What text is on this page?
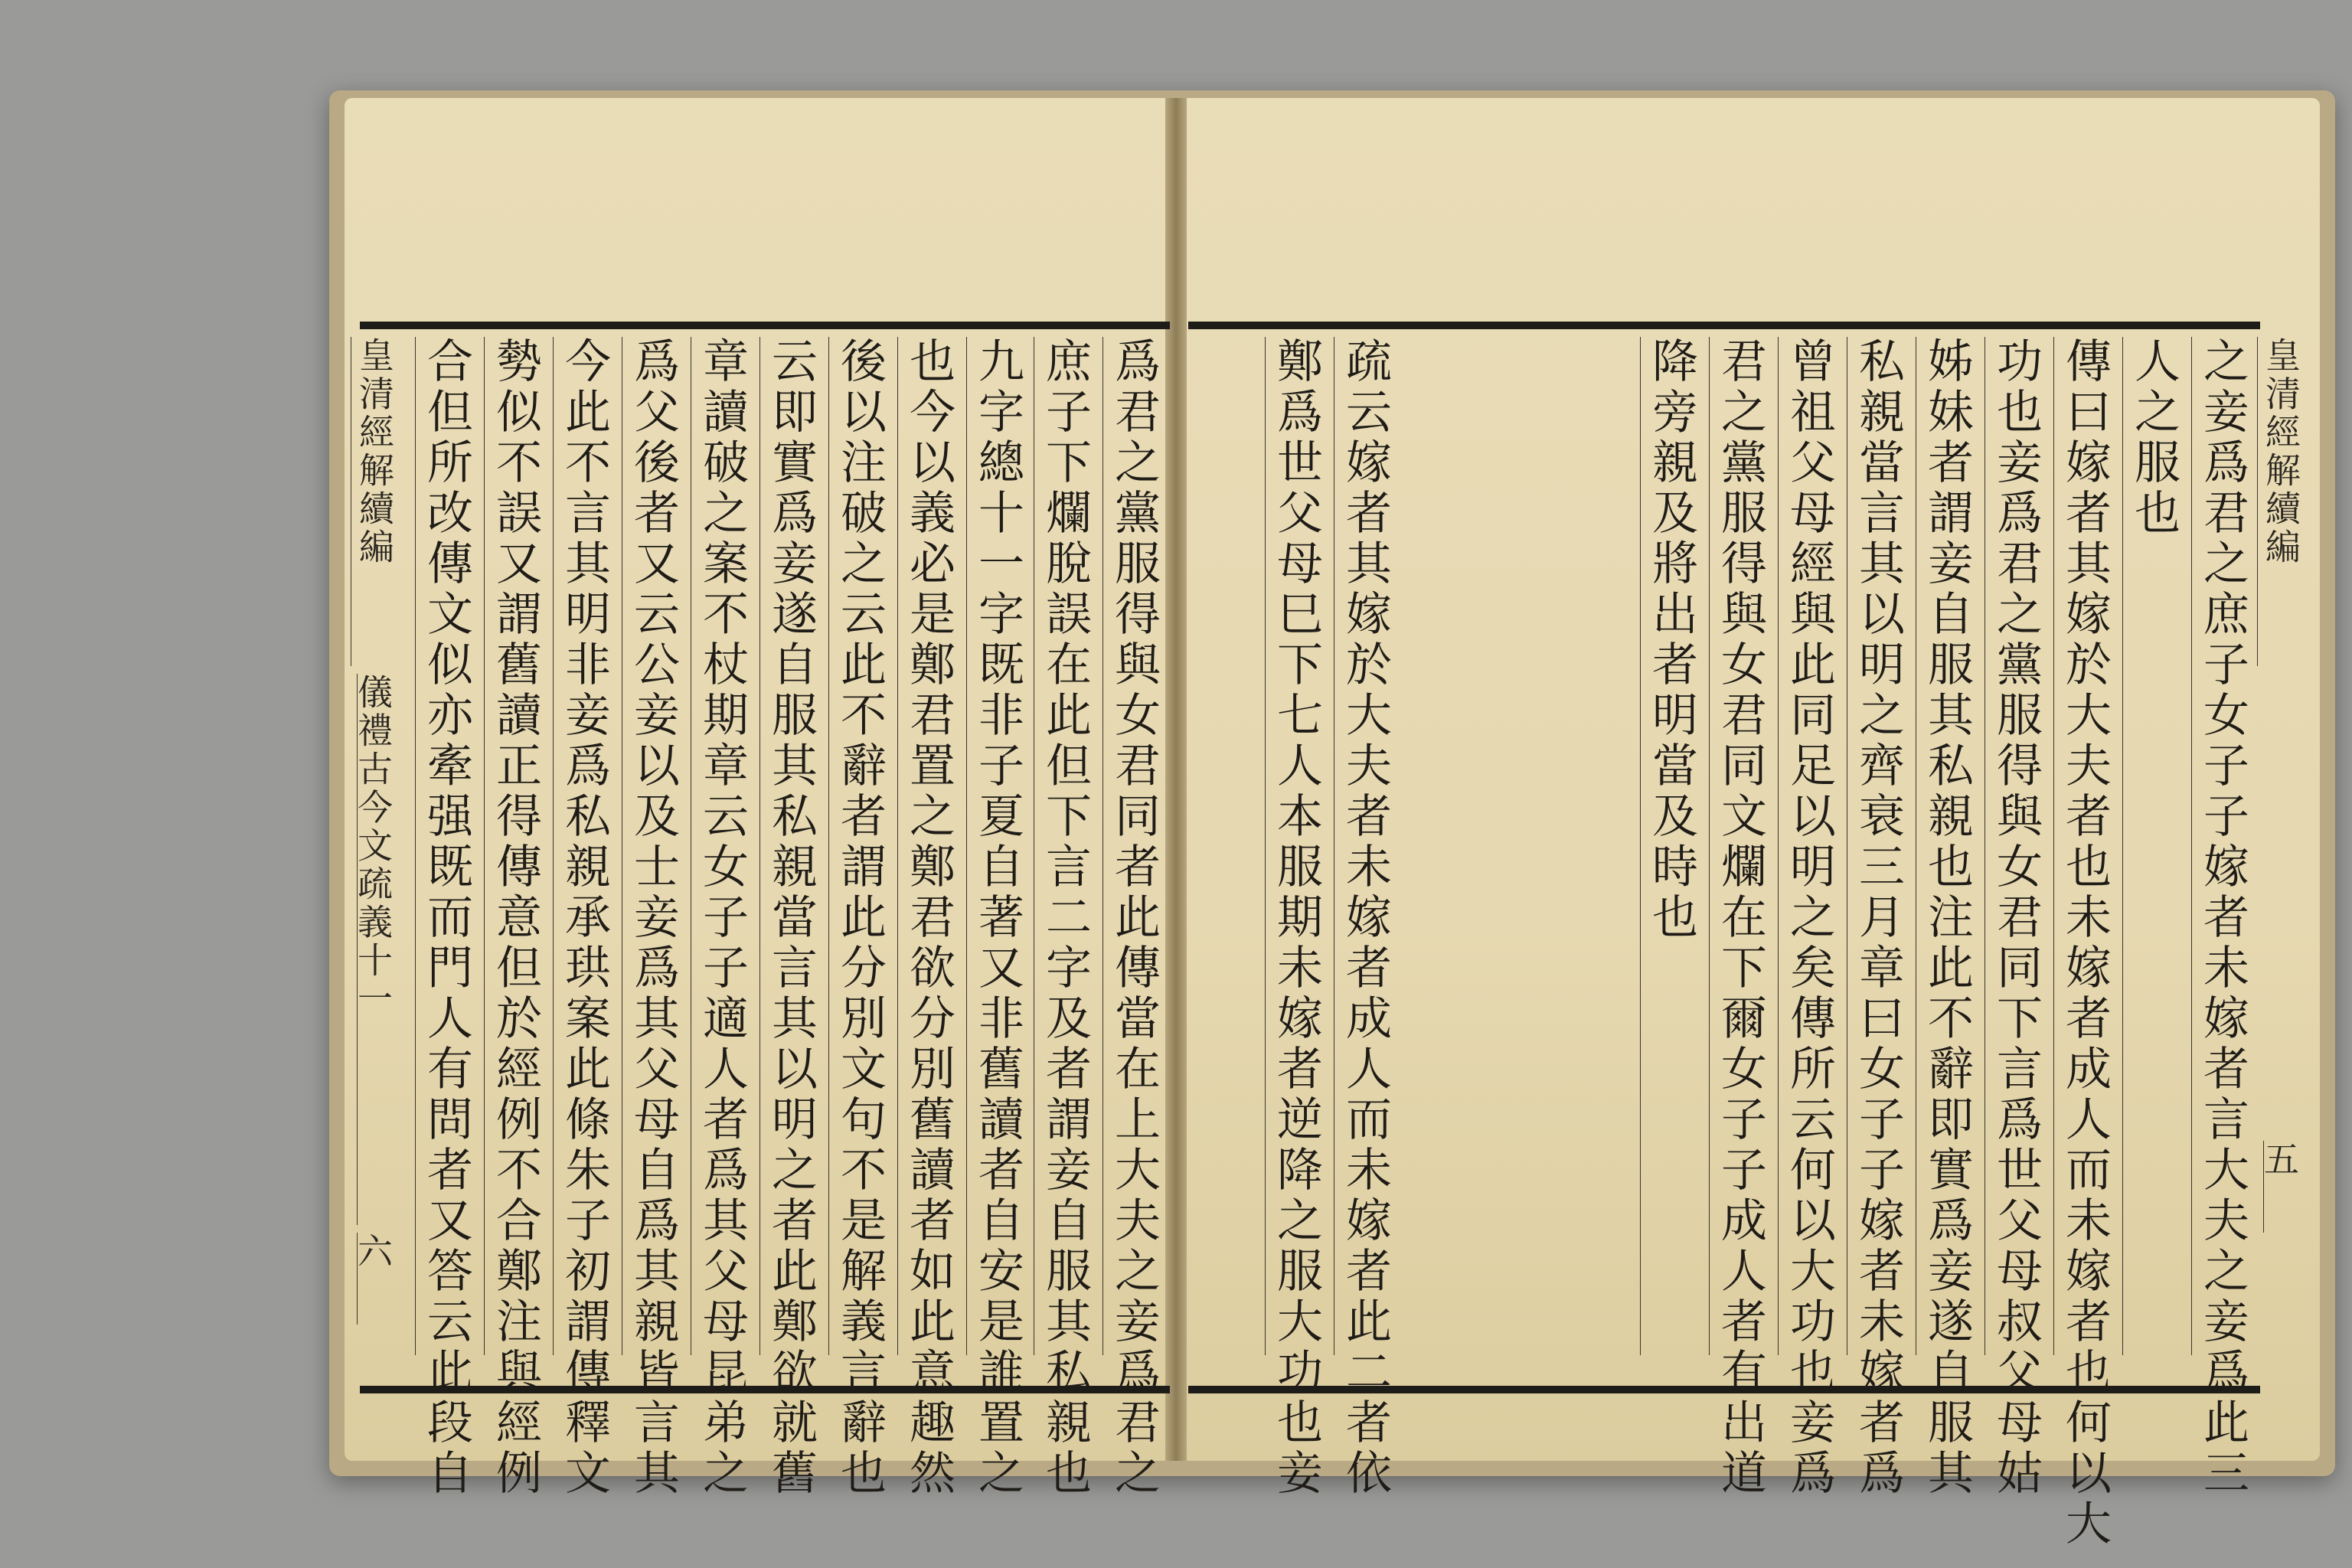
爲君之黨服得與女君同者此傳當在上大夫之妾爲君之
庶子下爛脫誤在此但下言二字及者謂妾自服其私親也
九字總十一字既非子夏自著又非舊讀者自安是誰置之
也今以義必是鄭君置之鄭君欲分別舊讀者如此意趣然
後以注破之云此不辭者謂此分別文句不是解義言辭也
云即實爲妾遂自服其私親當言其以明之者此鄭欲就舊
章讀破之案不杖期章云女子子適人者爲其父母昆弟之
爲父後者又云公妾以及士妾爲其父母自爲其親皆言其
今此不言其明非妾爲私親承珙案此條朱子初謂傳釋文
勢似不誤又謂舊讀正得傳意但於經例不合鄭注與經例
合但所改傳文似亦牽强既而門人有問者又答云此段自
皇清經解續編
儀禮古今文疏義十一
六
皇清經解續編
五
之妾爲君之庶子女子子嫁者未嫁者言大夫之妾爲此三
人之服也
傳曰嫁者其嫁於大夫者也未嫁者成人而未嫁者也何以大
功也妾爲君之黨服得與女君同下言爲世父母叔父母姑
姊妹者謂妾自服其私親也注此不辭即實爲妾遂自服其
私親當言其以明之齊衰三月章曰女子子嫁者未嫁者爲
曾祖父母經與此同足以明之矣傳所云何以大功也妾爲
君之黨服得與女君同文爛在下爾女子子成人者有出道
降旁親及將出者明當及時也
疏云嫁者其嫁於大夫者未嫁者成人而未嫁者此二者依
鄭爲世父母巳下七人本服期未嫁者逆降之服大功也妾
